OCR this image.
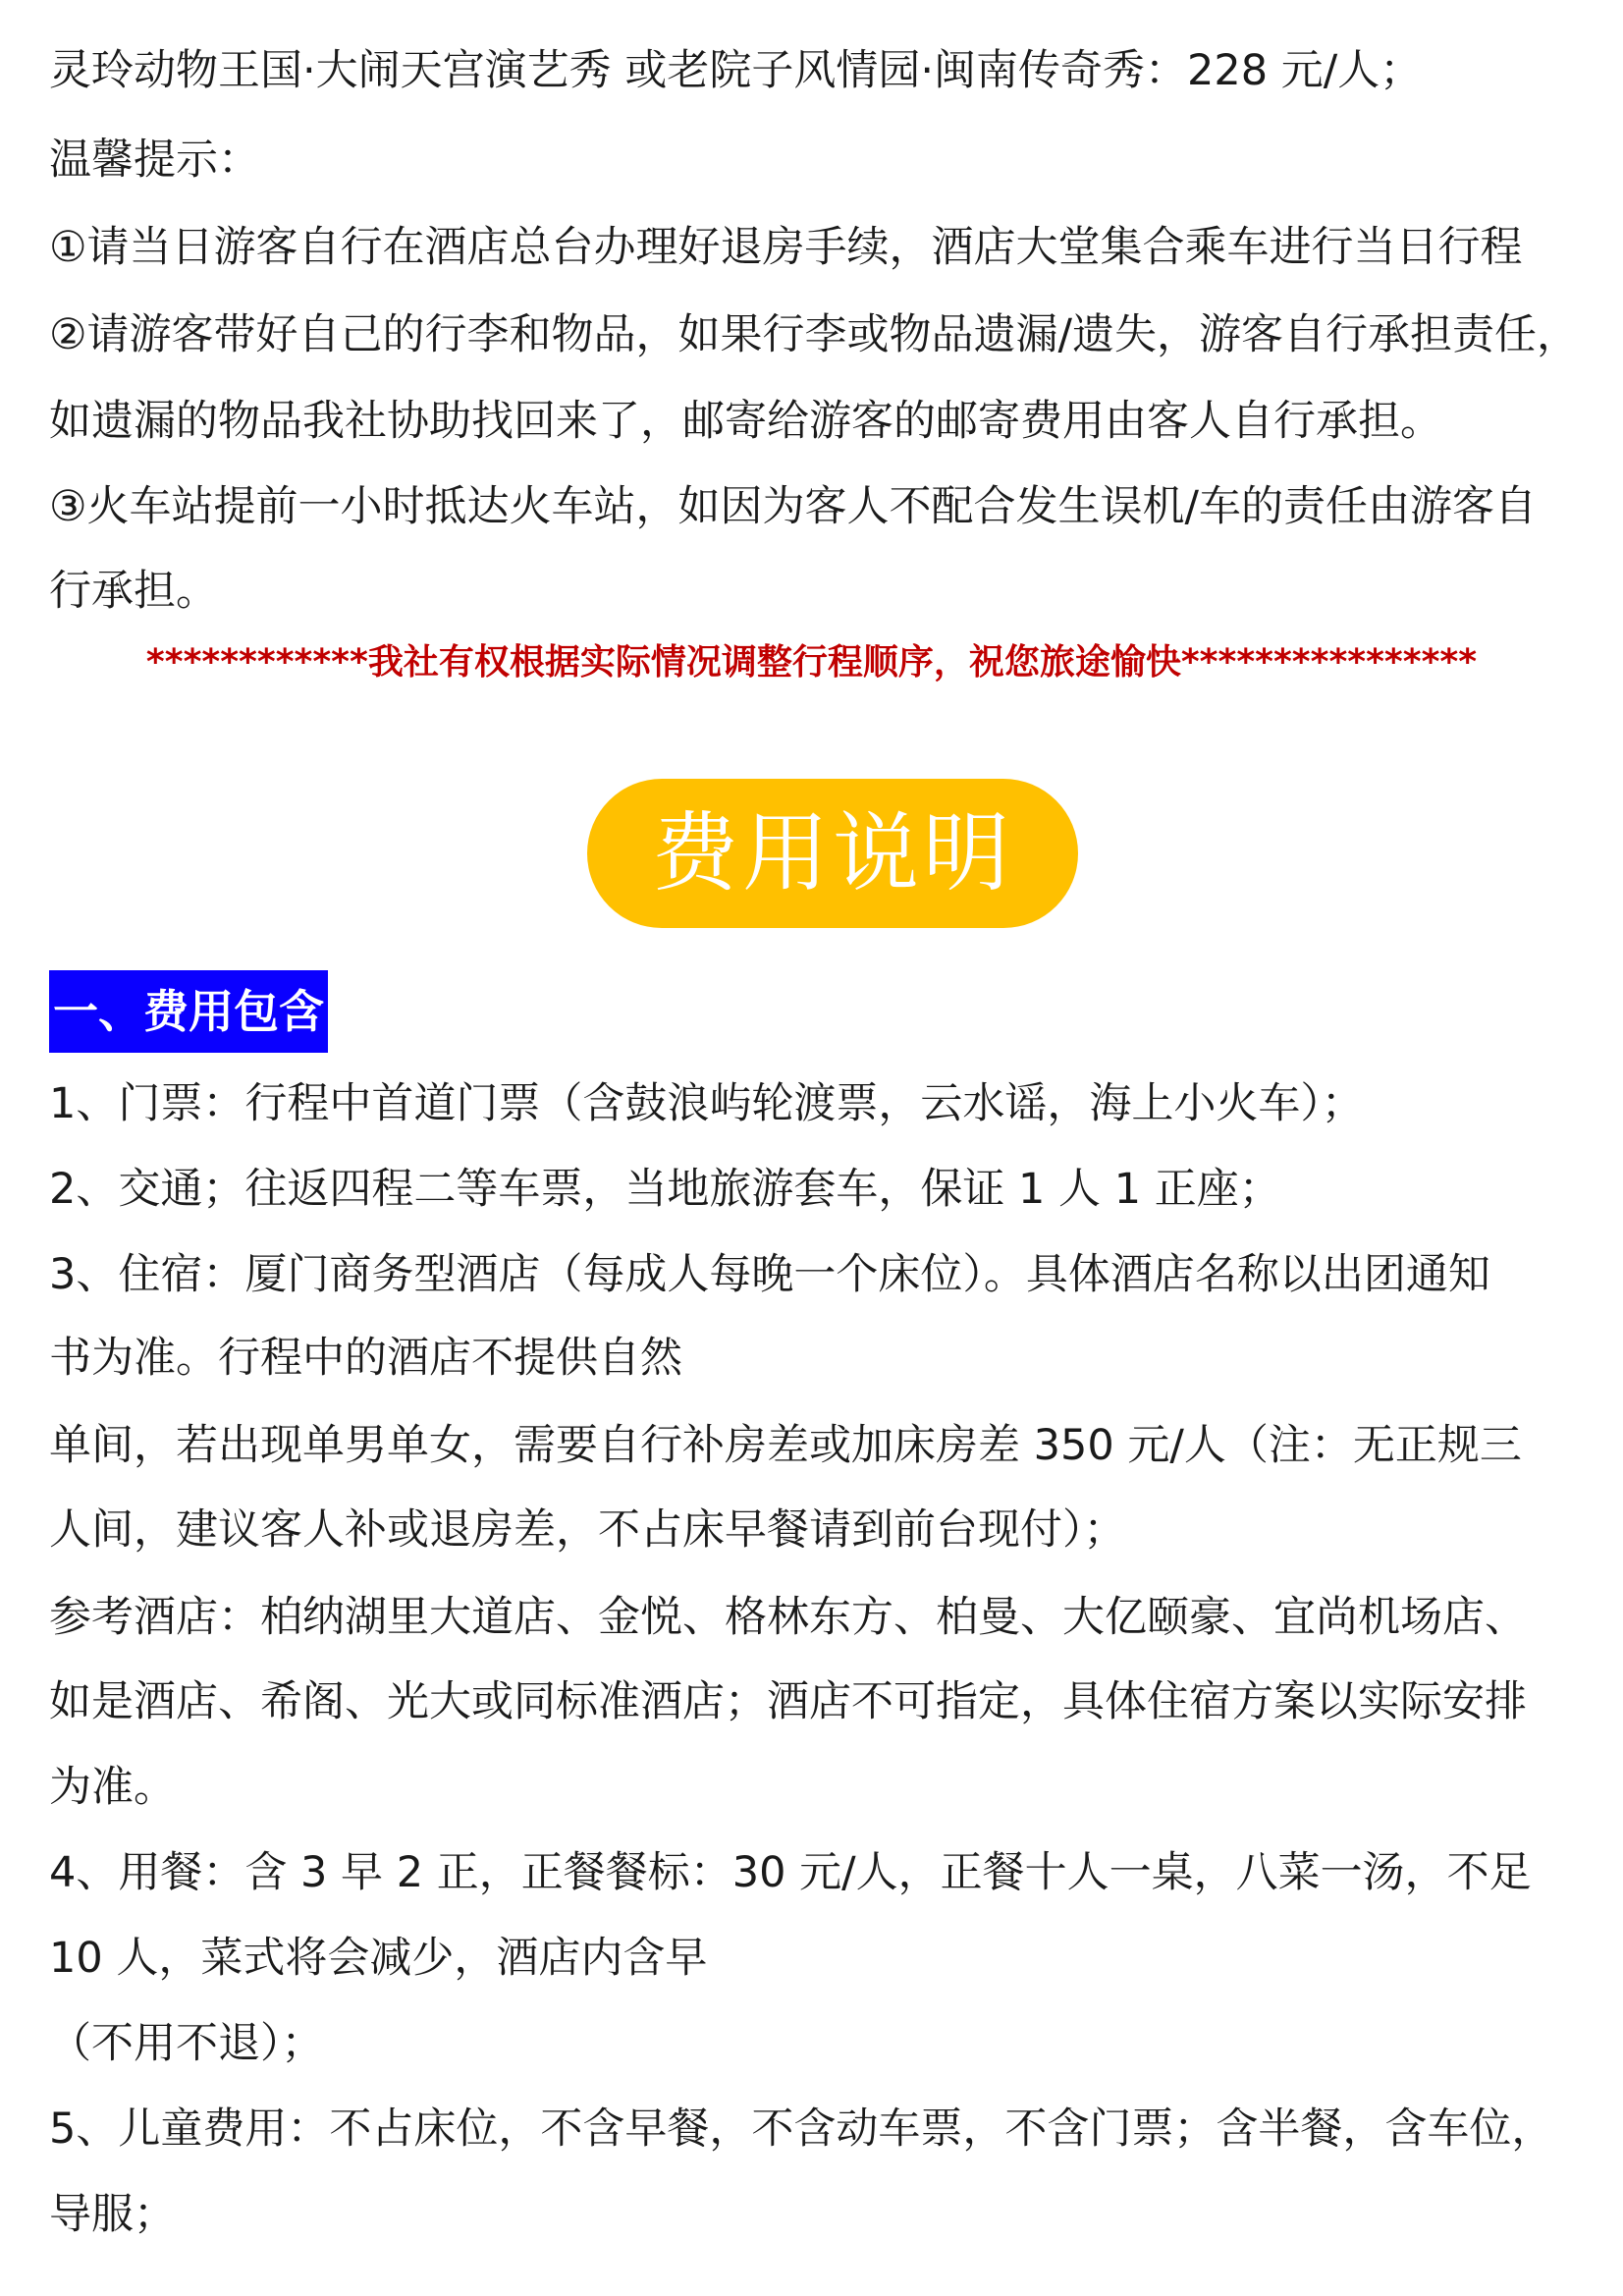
灵玲动物王国·大闹天宫演艺秀 或老院子风情园·闽南传奇秀：228 元/人；
温馨提示：
①请当日游客自行在酒店总台办理好退房手续，酒店大堂集合乘车进行当日行程
②请游客带好自己的行李和物品，如果行李或物品遗漏/遗失，游客自行承担责任，
如遗漏的物品我社协助找回来了，邮寄给游客的邮寄费用由客人自行承担。
③火车站提前一小时抵达火车站，如因为客人不配合发生误机/车的责任由游客自
行承担。
************我社有权根据实际情况调整行程顺序，祝您旅途愉快****************
费用说明
一、费用包含
1、门票：行程中首道门票（含鼓浪屿轮渡票，云水谣，海上小火车）；
2、交通；往返四程二等车票，当地旅游套车，保证 1 人 1 正座；
3、住宿：厦门商务型酒店（每成人每晚一个床位）。具体酒店名称以出团通知
书为准。行程中的酒店不提供自然
单间，若出现单男单女，需要自行补房差或加床房差 350 元/人（注：无正规三
人间，建议客人补或退房差，不占床早餐请到前台现付）；
参考酒店：柏纳湖里大道店、金悦、格林东方、柏曼、大亿颐豪、宜尚机场店、
如是酒店、希阁、光大或同标准酒店；酒店不可指定，具体住宿方案以实际安排
为准。
4、用餐：含 3 早 2 正，正餐餐标：30 元/人，正餐十人一桌，八菜一汤，不足
10 人，菜式将会减少，酒店内含早
（不用不退）；
5、儿童费用：不占床位，不含早餐，不含动车票，不含门票；含半餐，含车位，
导服；
